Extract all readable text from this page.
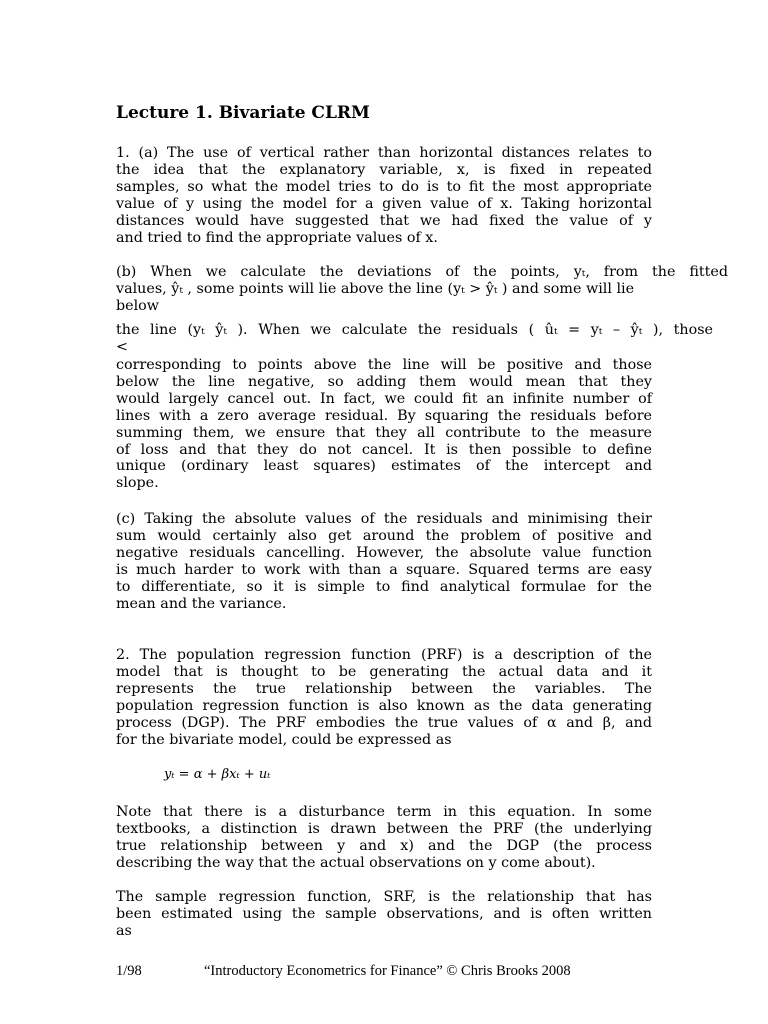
Lecture 1. Bivariate CLRM
1. (a) The use of vertical rather than horizontal distances relates to
the idea that the explanatory variable, x, is fixed in repeated
samples, so what the model tries to do is to fit the most appropriate
value of y using the model for a given value of x. Taking horizontal
distances would have suggested that we had fixed the value of y
and tried to find the appropriate values of x.
(b) When we calculate the deviations of the points, yₜ, from the fitted
values, ŷₜ , some points will lie above the line (yₜ > ŷₜ ) and some will lie
below
the line (yₜ ŷₜ ). When we calculate the residuals ( ûₜ = yₜ – ŷₜ ), those
<
corresponding to points above the line will be positive and those
below the line negative, so adding them would mean that they
would largely cancel out. In fact, we could fit an infinite number of
lines with a zero average residual. By squaring the residuals before
summing them, we ensure that they all contribute to the measure
of loss and that they do not cancel. It is then possible to define
unique (ordinary least squares) estimates of the intercept and
slope.
(c) Taking the absolute values of the residuals and minimising their
sum would certainly also get around the problem of positive and
negative residuals cancelling. However, the absolute value function
is much harder to work with than a square. Squared terms are easy
to differentiate, so it is simple to find analytical formulae for the
mean and the variance.
2. The population regression function (PRF) is a description of the
model that is thought to be generating the actual data and it
represents the true relationship between the variables. The
population regression function is also known as the data generating
process (DGP). The PRF embodies the true values of α and β, and
for the bivariate model, could be expressed as
yₜ = α + βxₜ + uₜ
Note that there is a disturbance term in this equation. In some
textbooks, a distinction is drawn between the PRF (the underlying
true relationship between y and x) and the DGP (the process
describing the way that the actual observations on y come about).
The sample regression function, SRF, is the relationship that has
been estimated using the sample observations, and is often written
as
1/98	“Introductory Econometrics for Finance” © Chris Brooks 2008
